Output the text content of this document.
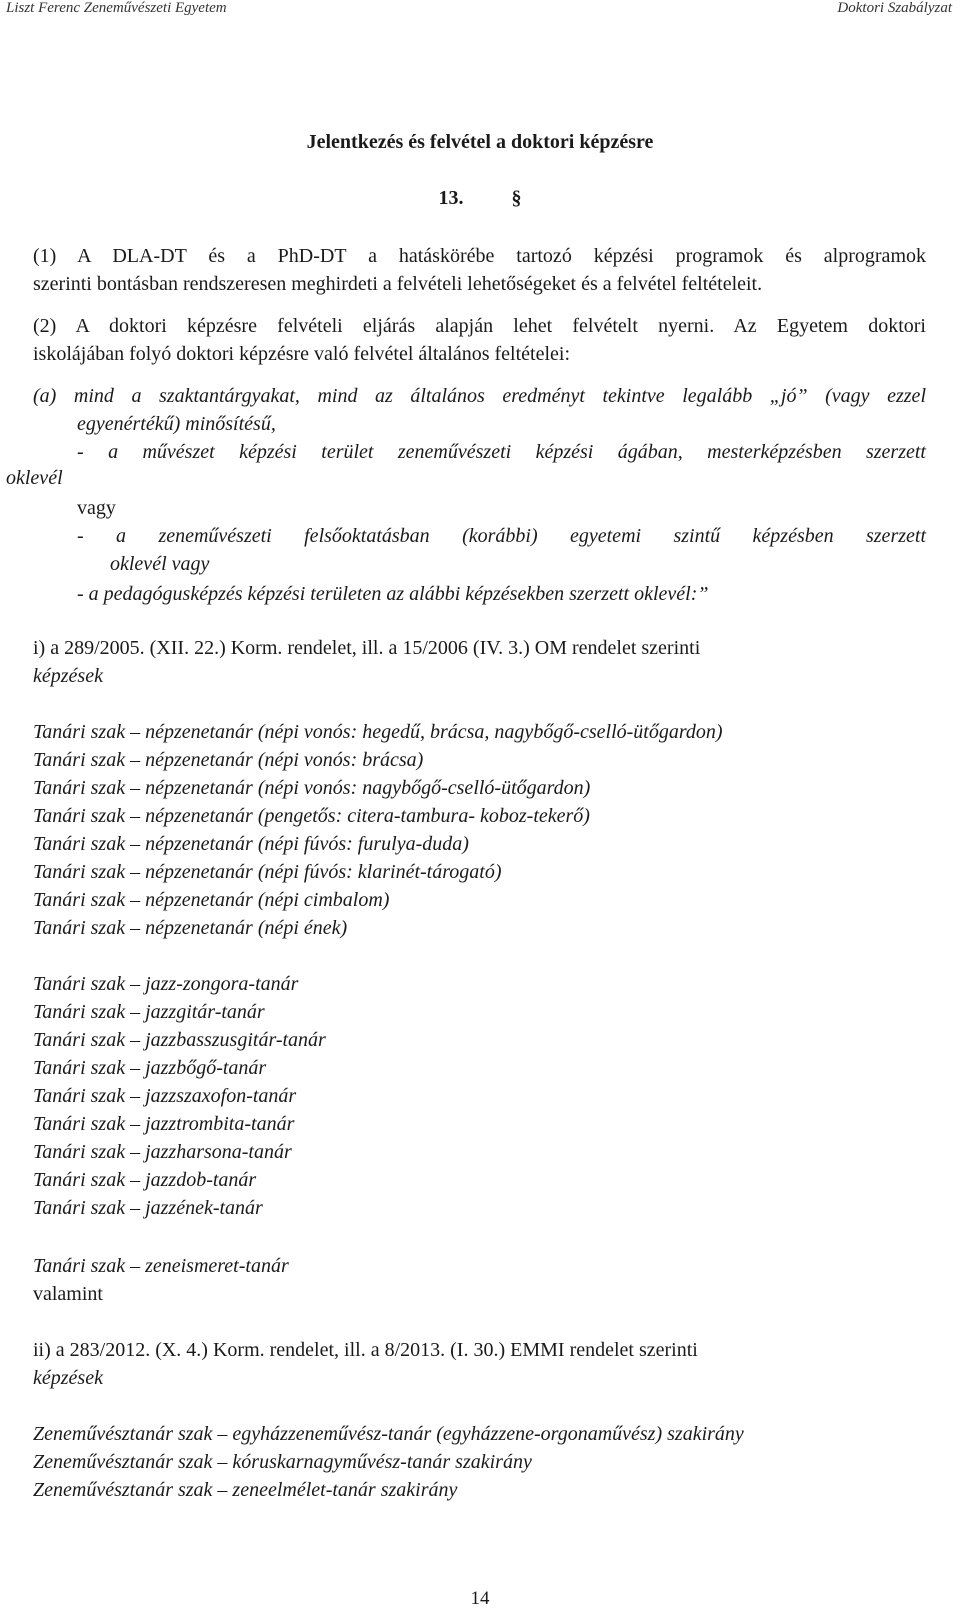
Liszt Ferenc Zeneművészeti Egyetem	Doktori Szabályzat
Jelentkezés és felvétel a doktori képzésre
13. §
(1) A DLA-DT és a PhD-DT a hatáskörébe tartozó képzési programok és alprogramok
szerinti bontásban rendszeresen meghirdeti a felvételi lehetőségeket és a felvétel feltételeit.
(2) A doktori képzésre felvételi eljárás alapján lehet felvételt nyerni. Az Egyetem doktori
iskolájában folyó doktori képzésre való felvétel általános feltételei:
(a) mind a szaktantárgyakat, mind az általános eredményt tekintve legalább „jó” (vagy ezzel
egyenértékű) minősítésű,
- a művészet képzési terület zeneművészeti képzési ágában, mesterképzésben szerzett
oklevél
vagy
- a zeneművészeti felsőoktatásban (korábbi) egyetemi szintű képzésben szerzett
oklevél vagy
- a pedagógusképzés képzési területen az alábbi képzésekben szerzett oklevél:”
i) a 289/2005. (XII. 22.) Korm. rendelet, ill. a 15/2006 (IV. 3.) OM rendelet szerinti
képzések
Tanári szak – népzenetanár (népi vonós: hegedű, brácsa, nagybőgő-cselló-ütőgardon)
Tanári szak – népzenetanár (népi vonós: brácsa)
Tanári szak – népzenetanár (népi vonós: nagybőgő-cselló-ütőgardon)
Tanári szak – népzenetanár (pengetős: citera-tambura- koboz-tekerő)
Tanári szak – népzenetanár (népi fúvós: furulya-duda)
Tanári szak – népzenetanár (népi fúvós: klarinét-tárogató)
Tanári szak – népzenetanár (népi cimbalom)
Tanári szak – népzenetanár (népi ének)
Tanári szak – jazz-zongora-tanár
Tanári szak – jazzgitár-tanár
Tanári szak – jazzbasszusgitár-tanár
Tanári szak – jazzbőgő-tanár
Tanári szak – jazzszaxofon-tanár
Tanári szak – jazztrombita-tanár
Tanári szak – jazzharsona-tanár
Tanári szak – jazzdob-tanár
Tanári szak – jazzének-tanár
Tanári szak – zeneismeret-tanár
valamint
ii) a 283/2012. (X. 4.) Korm. rendelet, ill. a 8/2013. (I. 30.) EMMI rendelet szerinti
képzések
Zeneművésztanár szak – egyházzeneművész-tanár (egyházzene-orgonaművész) szakirány
Zeneművésztanár szak – kóruskarnagyművész-tanár szakirány
Zeneművésztanár szak – zeneelmélet-tanár szakirány
14
